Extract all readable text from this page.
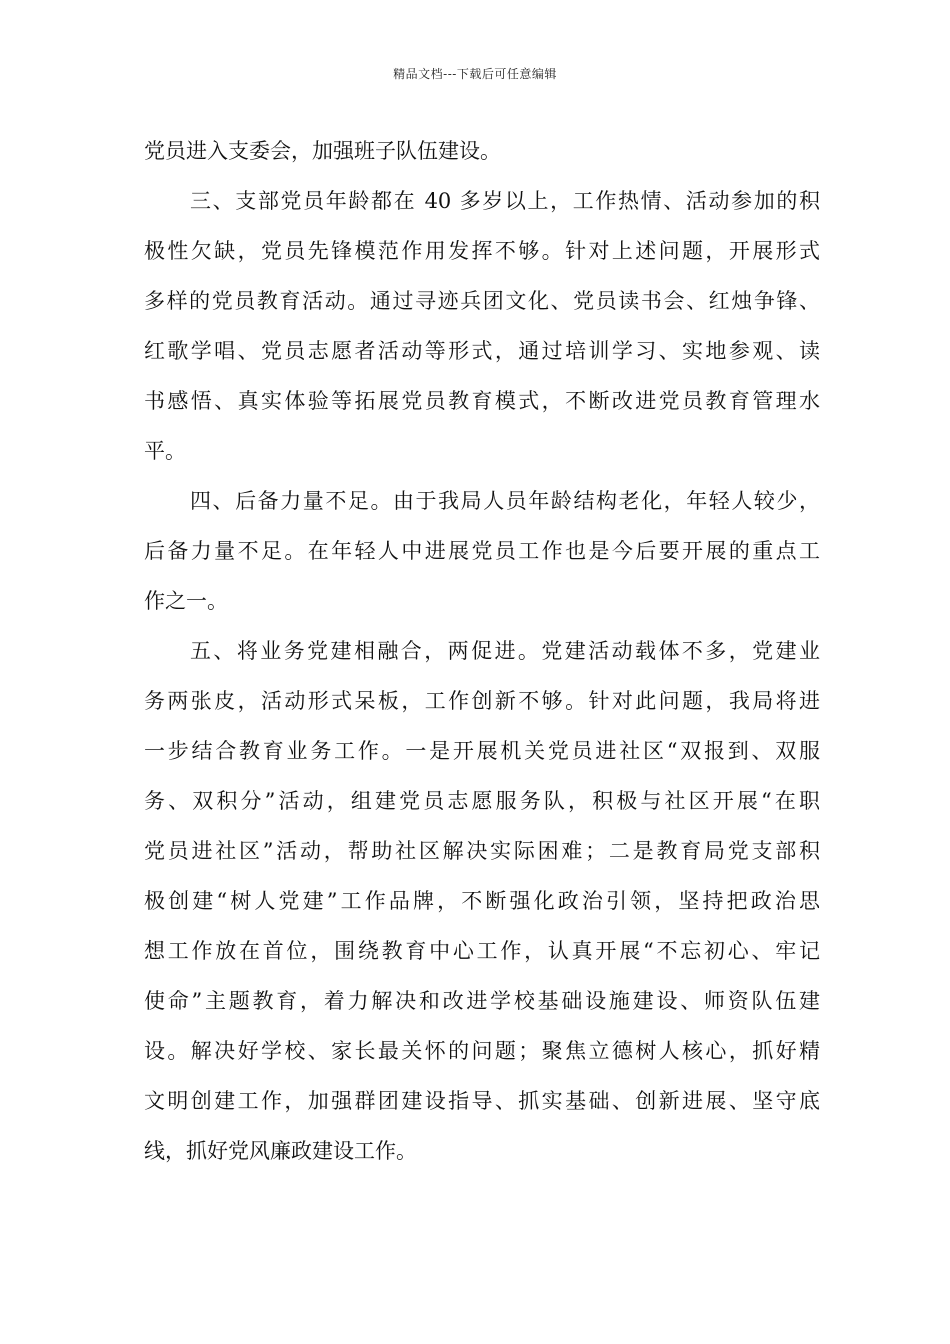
精品文档---下载后可任意编辑
党员进入支委会，加强班子队伍建设。
三、支部党员年龄都在 40 多岁以上，工作热情、活动参加的积
极性欠缺，党员先锋模范作用发挥不够。针对上述问题，开展形式
多样的党员教育活动。通过寻迹兵团文化、党员读书会、红烛争锋、
红歌学唱、党员志愿者活动等形式，通过培训学习、实地参观、读
书感悟、真实体验等拓展党员教育模式，不断改进党员教育管理水
平。
四、后备力量不足。由于我局人员年龄结构老化，年轻人较少，
后备力量不足。在年轻人中进展党员工作也是今后要开展的重点工
作之一。
五、将业务党建相融合，两促进。党建活动载体不多，党建业
务两张皮，活动形式呆板，工作创新不够。针对此问题，我局将进
一步结合教育业务工作。一是开展机关党员进社区“双报到、双服
务、双积分”活动，组建党员志愿服务队，积极与社区开展“在职
党员进社区”活动，帮助社区解决实际困难；二是教育局党支部积
极创建“树人党建”工作品牌，不断强化政治引领，坚持把政治思
想工作放在首位，围绕教育中心工作，认真开展“不忘初心、牢记
使命”主题教育，着力解决和改进学校基础设施建设、师资队伍建
设。解决好学校、家长最关怀的问题；聚焦立德树人核心，抓好精
文明创建工作，加强群团建设指导、抓实基础、创新进展、坚守底
线，抓好党风廉政建设工作。
